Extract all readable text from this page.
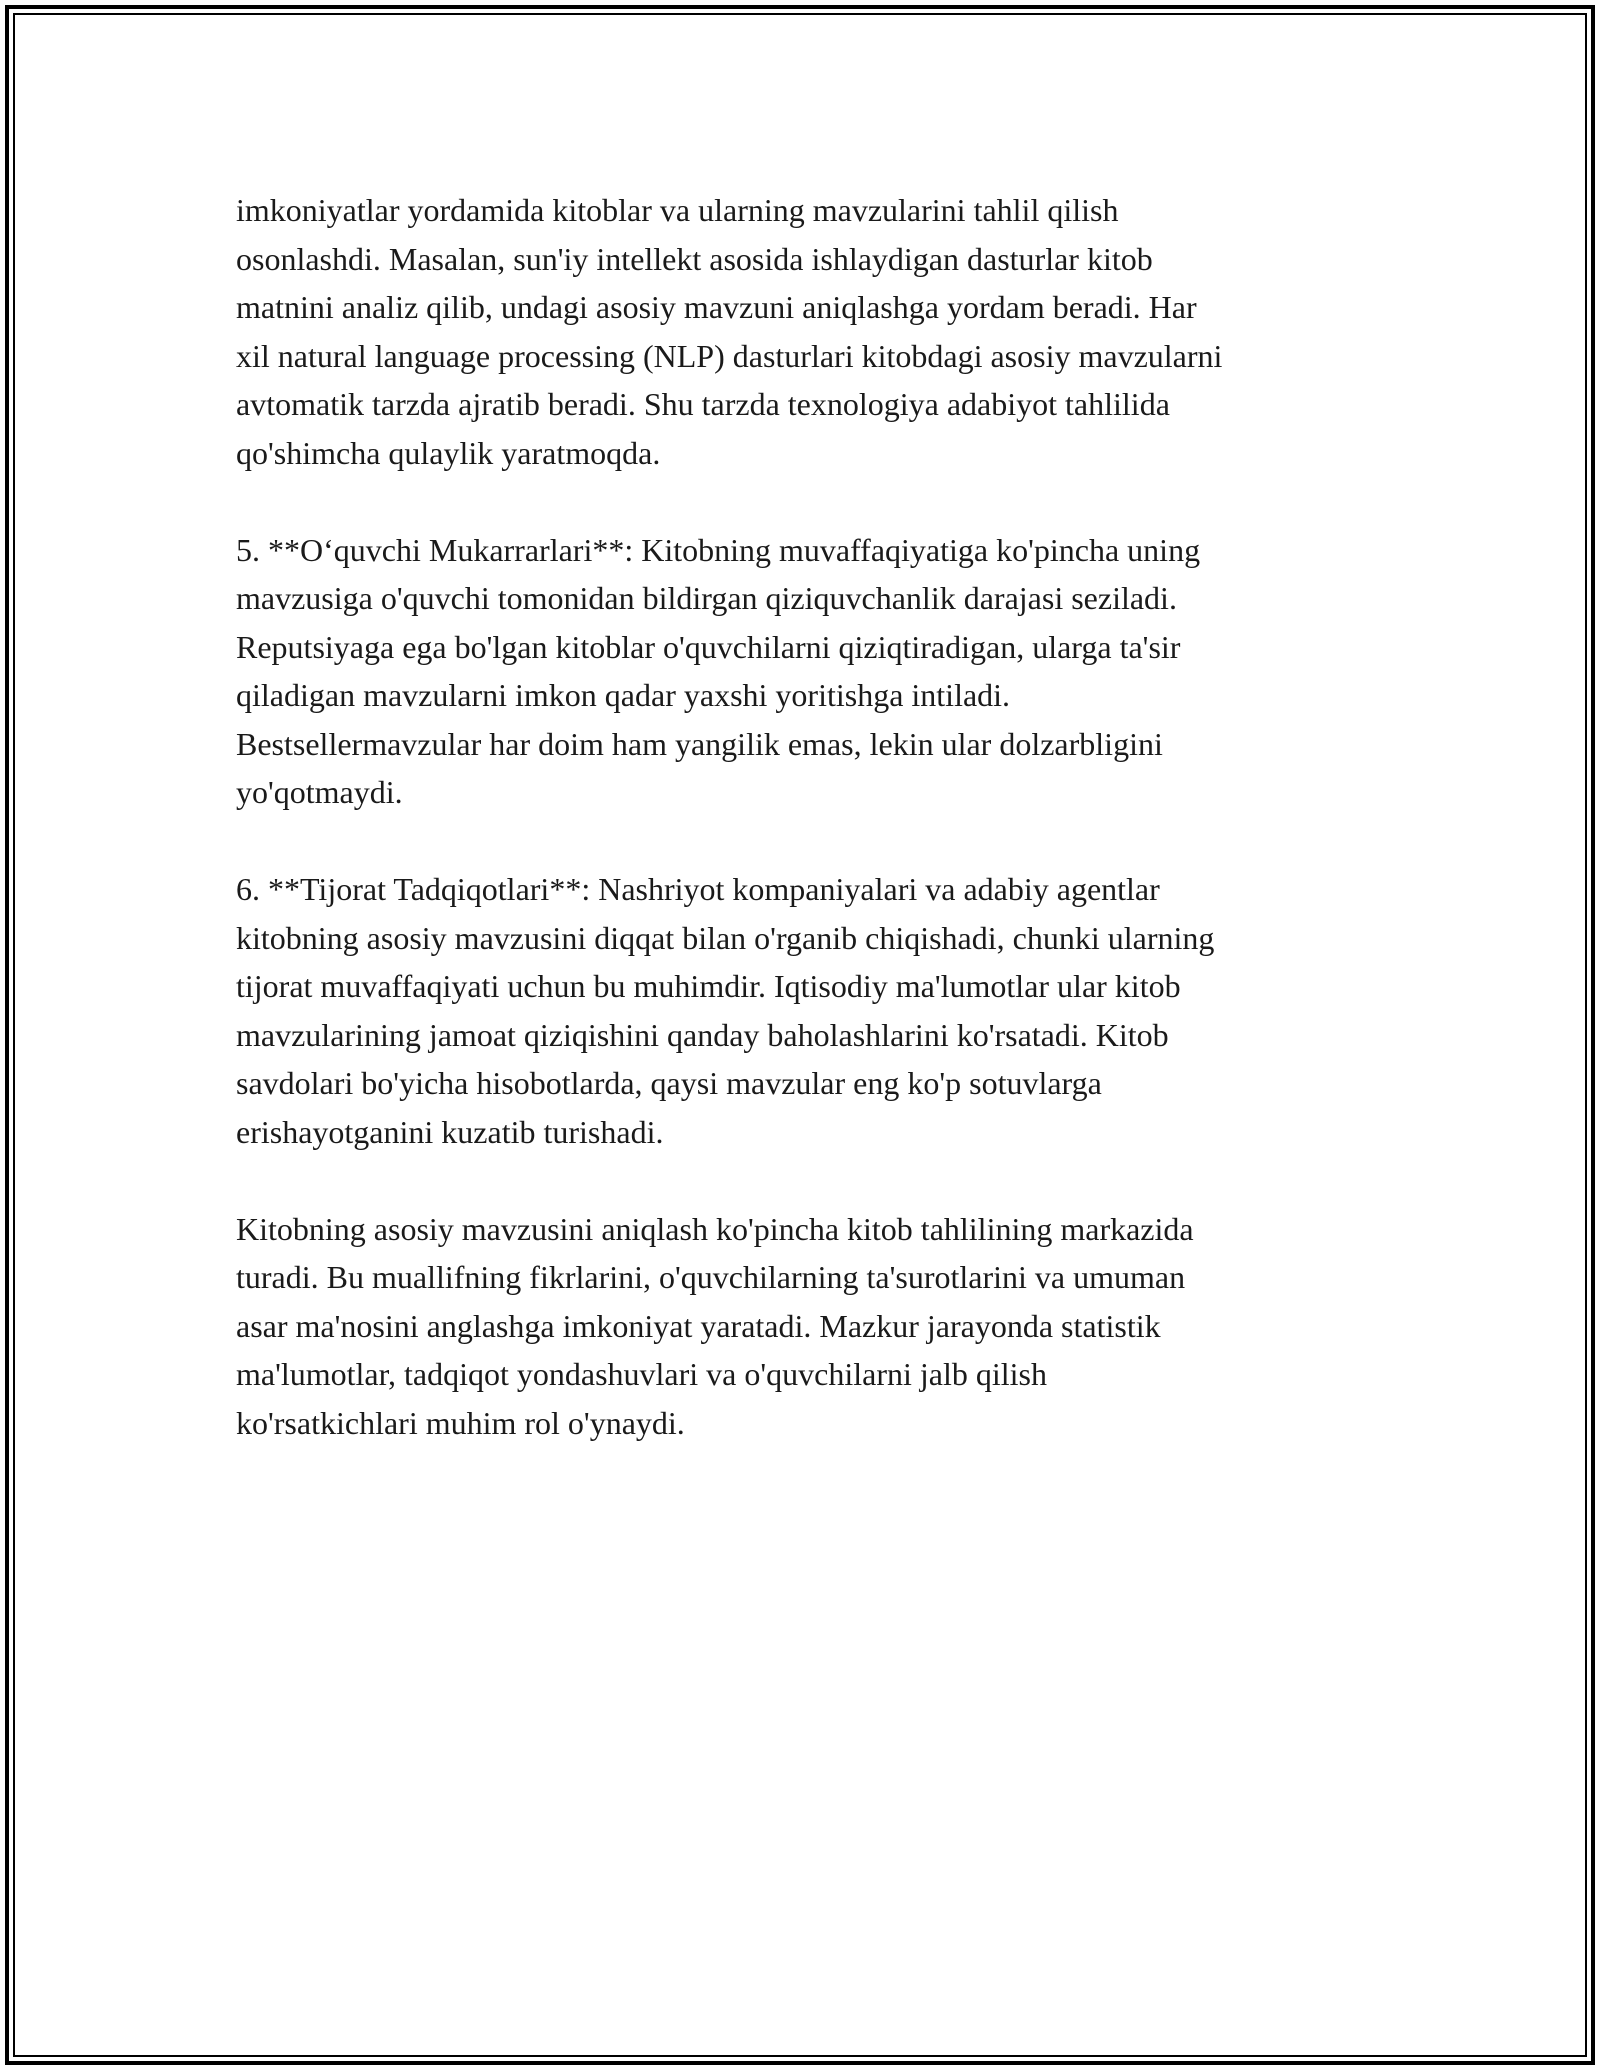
imkoniyatlar yordamida kitoblar va ularning mavzularini tahlil qilish
osonlashdi. Masalan, sun'iy intellekt asosida ishlaydigan dasturlar kitob
matnini analiz qilib, undagi asosiy mavzuni aniqlashga yordam beradi. Har
xil natural language processing (NLP) dasturlari kitobdagi asosiy mavzularni
avtomatik tarzda ajratib beradi. Shu tarzda texnologiya adabiyot tahlilida
qo'shimcha qulaylik yaratmoqda.

5. **O‘quvchi Mukarrarlari**: Kitobning muvaffaqiyatiga ko'pincha uning
mavzusiga o'quvchi tomonidan bildirgan qiziquvchanlik darajasi seziladi.
Reputsiyaga ega bo'lgan kitoblar o'quvchilarni qiziqtiradigan, ularga ta'sir
qiladigan mavzularni imkon qadar yaxshi yoritishga intiladi.
Bestsellermavzular har doim ham yangilik emas, lekin ular dolzarbligini
yo'qotmaydi.

6. **Tijorat Tadqiqotlari**: Nashriyot kompaniyalari va adabiy agentlar
kitobning asosiy mavzusini diqqat bilan o'rganib chiqishadi, chunki ularning
tijorat muvaffaqiyati uchun bu muhimdir. Iqtisodiy ma'lumotlar ular kitob
mavzularining jamoat qiziqishini qanday baholashlarini ko'rsatadi. Kitob
savdolari bo'yicha hisobotlarda, qaysi mavzular eng ko'p sotuvlarga
erishayotganini kuzatib turishadi.

Kitobning asosiy mavzusini aniqlash ko'pincha kitob tahlilining markazida
turadi. Bu muallifning fikrlarini, o'quvchilarning ta'surotlarini va umuman
asar ma'nosini anglashga imkoniyat yaratadi. Mazkur jarayonda statistik
ma'lumotlar, tadqiqot yondashuvlari va o'quvchilarni jalb qilish
ko'rsatkichlari muhim rol o'ynaydi.
